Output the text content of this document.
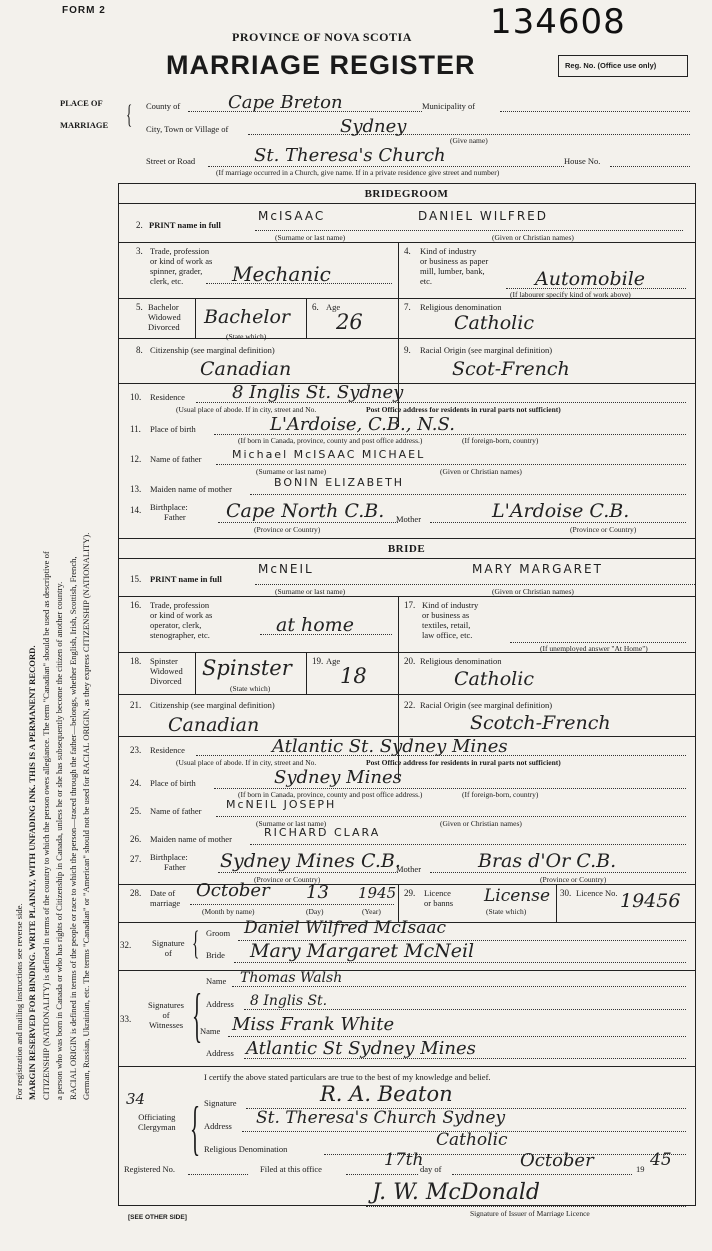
FORM 2	134608
PROVINCE OF NOVA SCOTIA
MARRIAGE REGISTER	Reg. No. (Office use only)
PLACE OF
MARRIAGE { County of	Cape Breton	Municipality of
City, Town or Village of	Sydney
(Give name)
Street or Road	St. Theresa's Church	House No.
(If marriage occurred in a Church, give name. If in a private residence give street and number)
For registration and mailing instructions see reverse side. MARGIN RESERVED FOR BINDING. WRITE PLAINLY, WITH UNFADING INK. THIS IS A PERMANENT RECORD. CITIZENSHIP (NATIONALITY) is defined in terms of the country to which the person owes allegiance. The term "Canadian" should be used as descriptive of a person who was born in Canada or who has rights of Citizenship in Canada, unless he or she has subsequently become the citizen of another country. RACIAL ORIGIN is defined in terms of the people or race to which the person—traced through the father—belongs, whether English, Irish, Scottish, French, German, Russian, Ukrainian, etc. The terms "Canadian" or "American" should not be used for RACIAL ORIGIN, as they express CITIZENSHIP (NATIONALITY).
BRIDEGROOM
2. PRINT name in full
McISAAC	DANIEL WILFRED
(Surname or last name)	(Given or Christian names)
3. Trade, profession
or kind of work as
spinner, grader,
clerk, etc.	Mechanic
4. Kind of industry
or business as paper
mill, lumber, bank,
etc.	Automobile
(If labourer specify kind of work above)
5. Bachelor
Widowed
Divorced Bachelor
(State which)
6. Age
26
7. Religious denomination
Catholic
8. Citizenship (see marginal definition)
Canadian
9. Racial Origin (see marginal definition)
Scot-French
10. Residence	8 Inglis St. Sydney
(Usual place of abode. If in city, street and No.	Post Office address for residents in rural parts not sufficient)
11. Place of birth	L'Ardoise, C.B., N.S.
(If born in Canada, province, county and post office address.)	(If foreign-born, country)
12. Name of father	Michael McISAAC MICHAEL
(Surname or last name)	(Given or Christian names)
13. Maiden name of mother	BONIN ELIZABETH
14. Birthplace:
Father Cape North C.B. Mother	L'Ardoise C.B.
(Province or Country)	(Province or Country)
BRIDE
15. PRINT name in full
McNEIL	MARY MARGARET
(Surname or last name)	(Given or Christian names)
16. Trade, profession
or kind of work as
operator, clerk,
stenographer, etc.	at home
17. Kind of industry
or business as
textiles, retail,
law office, etc.
(If unemployed answer "At Home")
18. Spinster
Widowed
Divorced
Spinster
(State which)
19. Age
18
20. Religious denomination
Catholic
21. Citizenship (see marginal definition)
Canadian
22. Racial Origin (see marginal definition)
Scotch-French
23. Residence	Atlantic St. Sydney Mines
(Usual place of abode. If in city, street and No.	Post Office address for residents in rural parts not sufficient)
24. Place of birth	Sydney Mines
(If born in Canada, province, county and post office address.)	(If foreign-born, country)
25. Name of father McNEIL JOSEPH
(Surname or last name)	(Given or Christian names)
26. Maiden name of mother	RICHARD CLARA
27. Birthplace:
Father Sydney Mines C.B.
Mother	Bras d'Or C.B.
(Province or Country)	(Province or Country)
28. Date of
marriage
October 13 1945
(Month by name)	(Day)	(Year)
29. Licence
or banns License
(State which)
30. Licence No. 19456
32. Signature
of { Groom Daniel Wilfred McIsaac
Bride Mary Margaret McNeil
33.
Signatures
of
Witnesses {
Name Thomas Walsh
Address 8 Inglis St.
Name Miss Frank White
Address Atlantic St Sydney Mines
I certify the above stated particulars are true to the best of my knowledge and belief.
34
Officiating
Clergyman { Signature	R. A. Beaton
Address St. Theresa's Church Sydney
Religious Denomination	Catholic
Registered No.	Filed at this office	17th
day of	October	19 45
J. W. McDonald
Signature of Issuer of Marriage Licence
[SEE OTHER SIDE]
